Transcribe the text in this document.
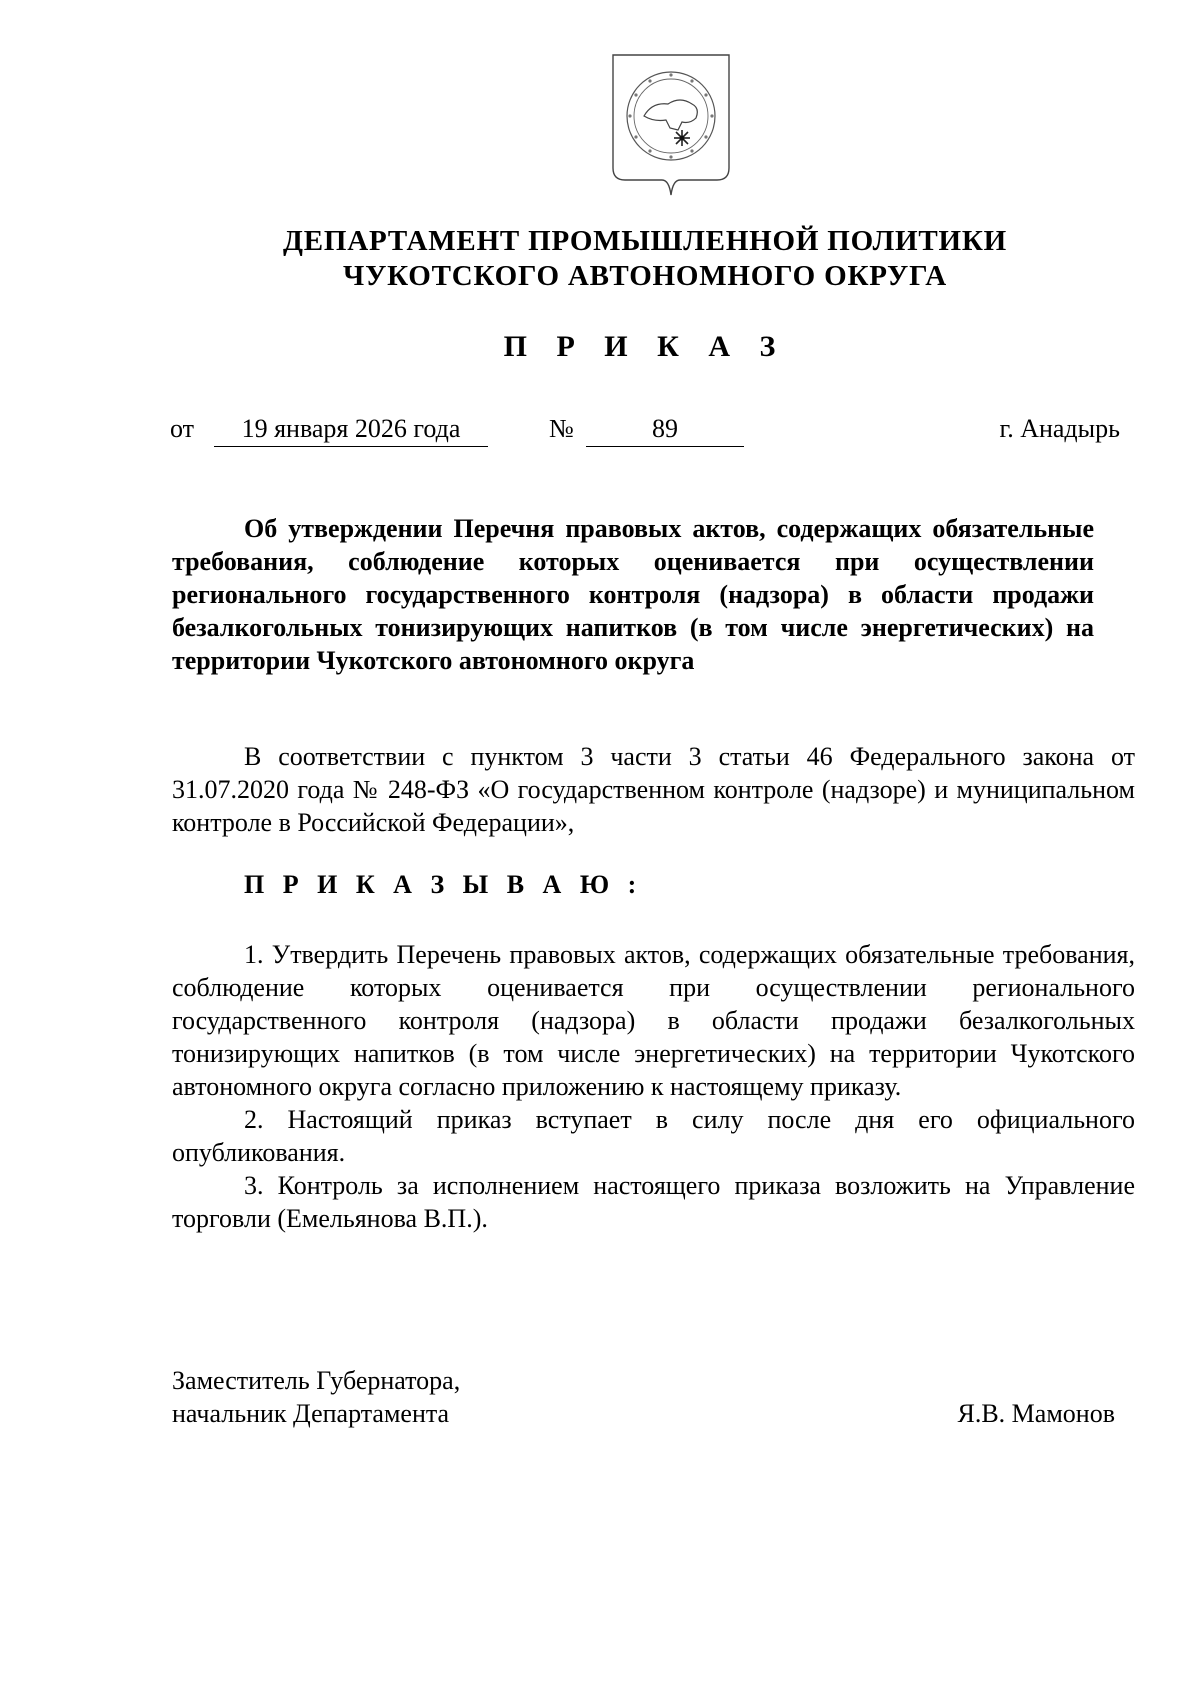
ДЕПАРТАМЕНТ ПРОМЫШЛЕННОЙ ПОЛИТИКИ
ЧУКОТСКОГО АВТОНОМНОГО ОКРУГА
П Р И К А З
от	19 января 2026 года	№	89	г. Анадырь
Об утверждении Перечня правовых актов, содержащих обязательные требования, соблюдение которых оценивается при осуществлении регионального государственного контроля (надзора) в области продажи безалкогольных тонизирующих напитков (в том числе энергетических) на территории Чукотского автономного округа
В соответствии с пунктом 3 части 3 статьи 46 Федерального закона от 31.07.2020 года № 248-ФЗ «О государственном контроле (надзоре) и муниципальном контроле в Российской Федерации»,
П Р И К А З Ы В А Ю :

1. Утвердить Перечень правовых актов, содержащих обязательные требования, соблюдение которых оценивается при осуществлении регионального государственного контроля (надзора) в области продажи безалкогольных тонизирующих напитков (в том числе энергетических) на территории Чукотского автономного округа согласно приложению к настоящему приказу.

2. Настоящий приказ вступает в силу после дня его официального опубликования.

3. Контроль за исполнением настоящего приказа возложить на Управление торговли (Емельянова В.П.).

Заместитель Губернатора,
начальник Департамента	Я.В. Мамонов
